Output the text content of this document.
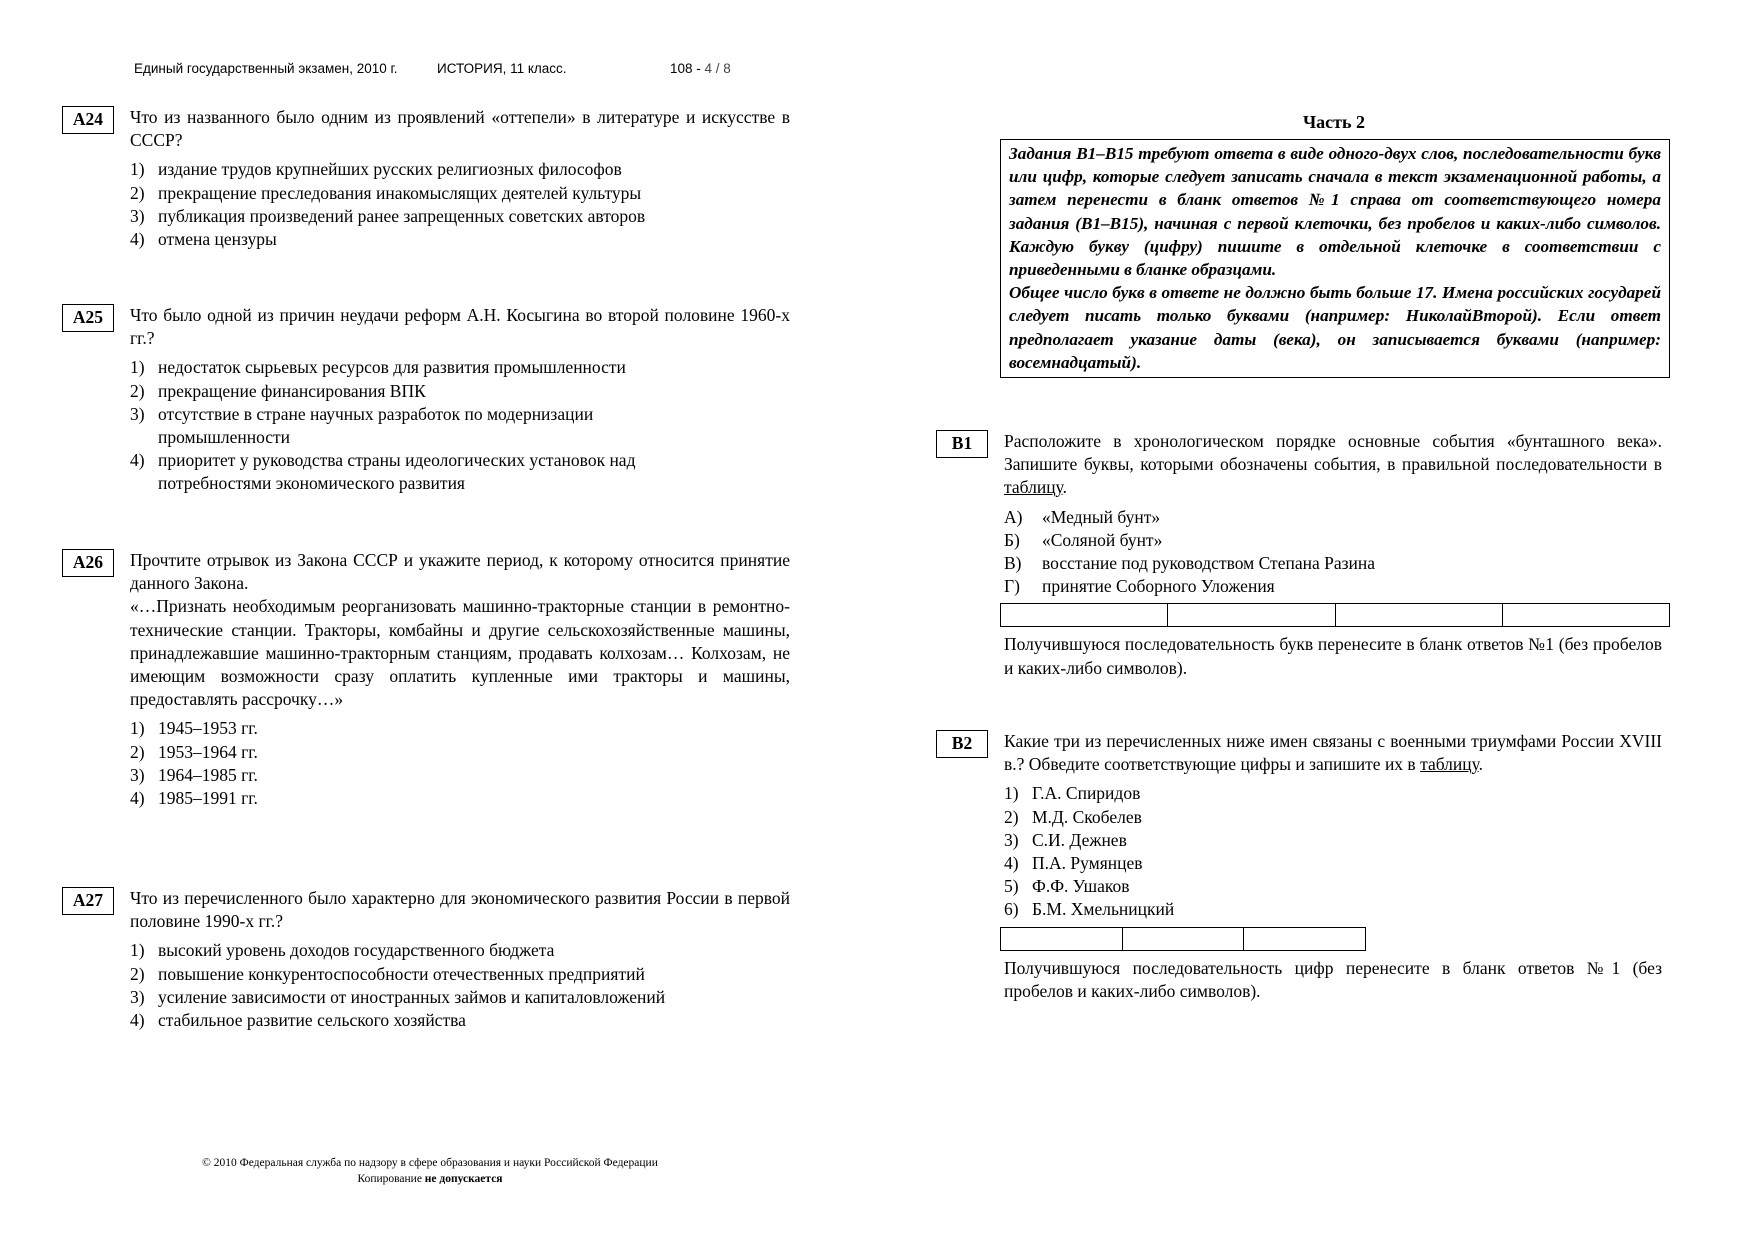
Единый государственный экзамен, 2010 г.	ИСТОРИЯ, 11 класс.	108 - 4 / 8
А24	Что из названного было одним из проявлений «оттепели» в литературе и искусстве в СССР?
1) издание трудов крупнейших русских религиозных философов
2) прекращение преследования инакомыслящих деятелей культуры
3) публикация произведений ранее запрещенных советских авторов
4) отмена цензуры
А25	Что было одной из причин неудачи реформ А.Н. Косыгина во второй половине 1960-х гг.?
1) недостаток сырьевых ресурсов для развития промышленности
2) прекращение финансирования ВПК
3) отсутствие в стране научных разработок по модернизации промышленности
4) приоритет у руководства страны идеологических установок над потребностями экономического развития
А26	Прочтите отрывок из Закона СССР и укажите период, к которому относится принятие данного Закона.
«…Признать необходимым реорганизовать машинно-тракторные станции в ремонтно-технические станции. Тракторы, комбайны и другие сельскохозяйственные машины, принадлежавшие машинно-тракторным станциям, продавать колхозам… Колхозам, не имеющим возможности сразу оплатить купленные ими тракторы и машины, предоставлять рассрочку…»
1) 1945–1953 гг.
2) 1953–1964 гг.
3) 1964–1985 гг.
4) 1985–1991 гг.
А27	Что из перечисленного было характерно для экономического развития России в первой половине 1990-х гг.?
1) высокий уровень доходов государственного бюджета
2) повышение конкурентоспособности отечественных предприятий
3) усиление зависимости от иностранных займов и капиталовложений
4) стабильное развитие сельского хозяйства
Часть 2
Задания В1–В15 требуют ответа в виде одного-двух слов, последовательности букв или цифр, которые следует записать сначала в текст экзаменационной работы, а затем перенести в бланк ответов №1 справа от соответствующего номера задания (В1–В15), начиная с первой клеточки, без пробелов и каких-либо символов. Каждую букву (цифру) пишите в отдельной клеточке в соответствии с приведенными в бланке образцами.
Общее число букв в ответе не должно быть больше 17. Имена российских государей следует писать только буквами (например: НиколайВторой). Если ответ предполагает указание даты (века), он записывается буквами (например: восемнадцатый).
В1	Расположите в хронологическом порядке основные события «бунташного века». Запишите буквы, которыми обозначены события, в правильной последовательности в таблицу.
А) «Медный бунт»
Б) «Соляной бунт»
В) восстание под руководством Степана Разина
Г) принятие Соборного Уложения
Получившуюся последовательность букв перенесите в бланк ответов №1 (без пробелов и каких-либо символов).
В2	Какие три из перечисленных ниже имен связаны с военными триумфами России XVIII в.? Обведите соответствующие цифры и запишите их в таблицу.
1) Г.А. Спиридов
2) М.Д. Скобелев
3) С.И. Дежнев
4) П.А. Румянцев
5) Ф.Ф. Ушаков
6) Б.М. Хмельницкий
Получившуюся последовательность цифр перенесите в бланк ответов №1 (без пробелов и каких-либо символов).
© 2010 Федеральная служба по надзору в сфере образования и науки Российской Федерации
Копирование не допускается
